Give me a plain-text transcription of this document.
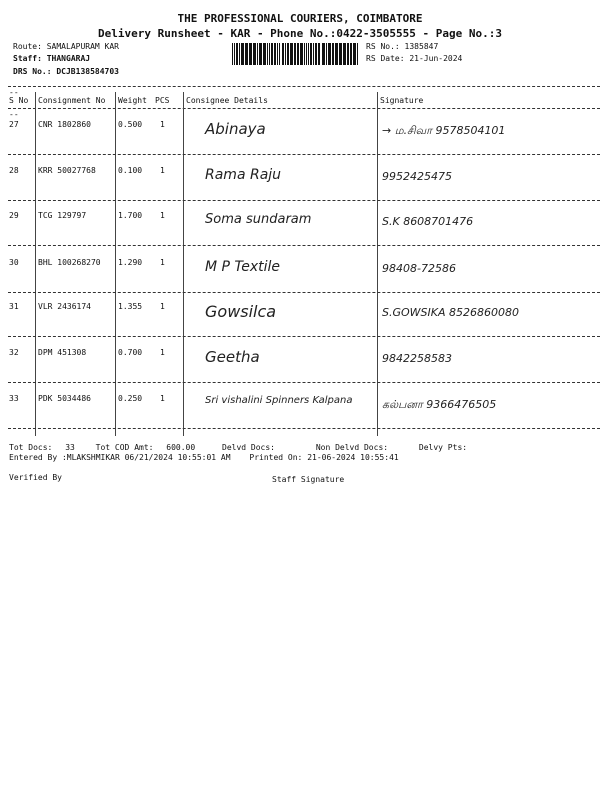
THE PROFESSIONAL COURIERS, COIMBATORE
Delivery Runsheet - KAR - Phone No.:0422-3505555 - Page No.:3
Route: SAMALAPURAM KAR
Staff: THANGARAJ
DRS No.: DCJB138584703
RS No.: 1385847
RS Date: 21-Jun-2024
--
S No Consignment No Weight PCS Consignee Details	Signature
--
27 CNR 1802860	0.500 1	Abinaya	→ ம.சிவா 9578504101
28 KRR 50027768	0.100 1	Rama Raju	9952425475
29 TCG 129797	1.700 1	Soma sundaram	S.K 8608701476
30 BHL 100268270 1.290 1	M P Textile	98408-72586
31 VLR 2436174	1.355 1	Gowsilca	S.GOWSIKA 8526860080
32 DPM 451308	0.700 1	Geetha	9842258583
33 PDK 5034486	0.250 1	Sri vishalini Spinners Kalpana	கல்பனா 9366476505
Tot Docs: 33	Tot COD Amt: 600.00	Delvd Docs:	Non Delvd Docs:	Delvy Pts:
Entered By :MLAKSHMIKAR 06/21/2024 10:55:01 AM Printed On: 21-06-2024 10:55:41
Verified By	Staff Signature
